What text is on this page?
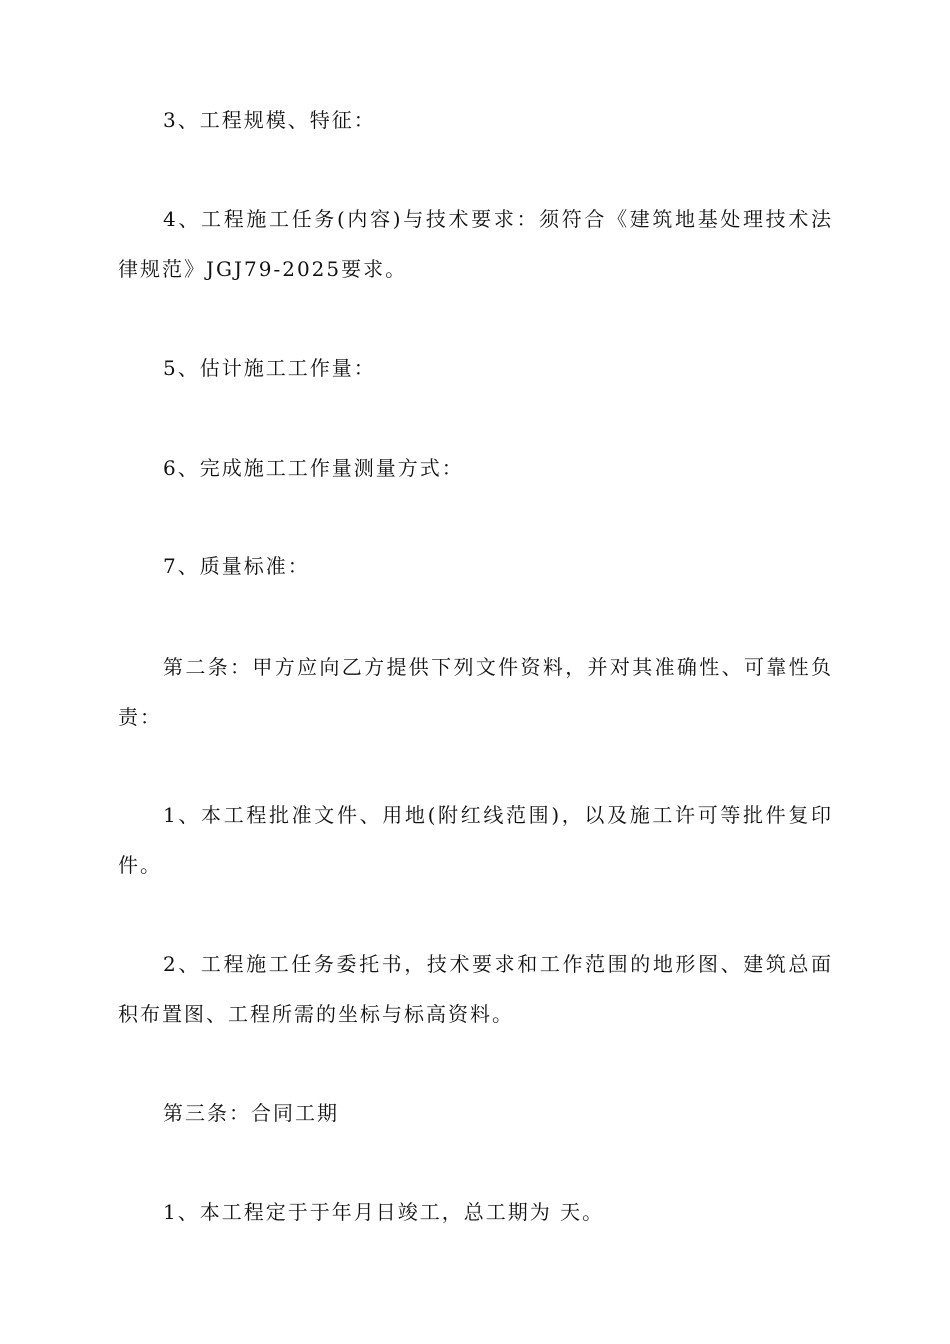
3、工程规模、特征：

4、工程施工任务(内容)与技术要求：须符合《建筑地基处理技术法律规范》JGJ79-2025要求。

5、估计施工工作量：

6、完成施工工作量测量方式：

7、质量标准：

第二条：甲方应向乙方提供下列文件资料，并对其准确性、可靠性负责：

1、本工程批准文件、用地(附红线范围)，以及施工许可等批件复印件。

2、工程施工任务委托书，技术要求和工作范围的地形图、建筑总面积布置图、工程所需的坐标与标高资料。

第三条：合同工期

1、本工程定于于年月日竣工，总工期为 天。
